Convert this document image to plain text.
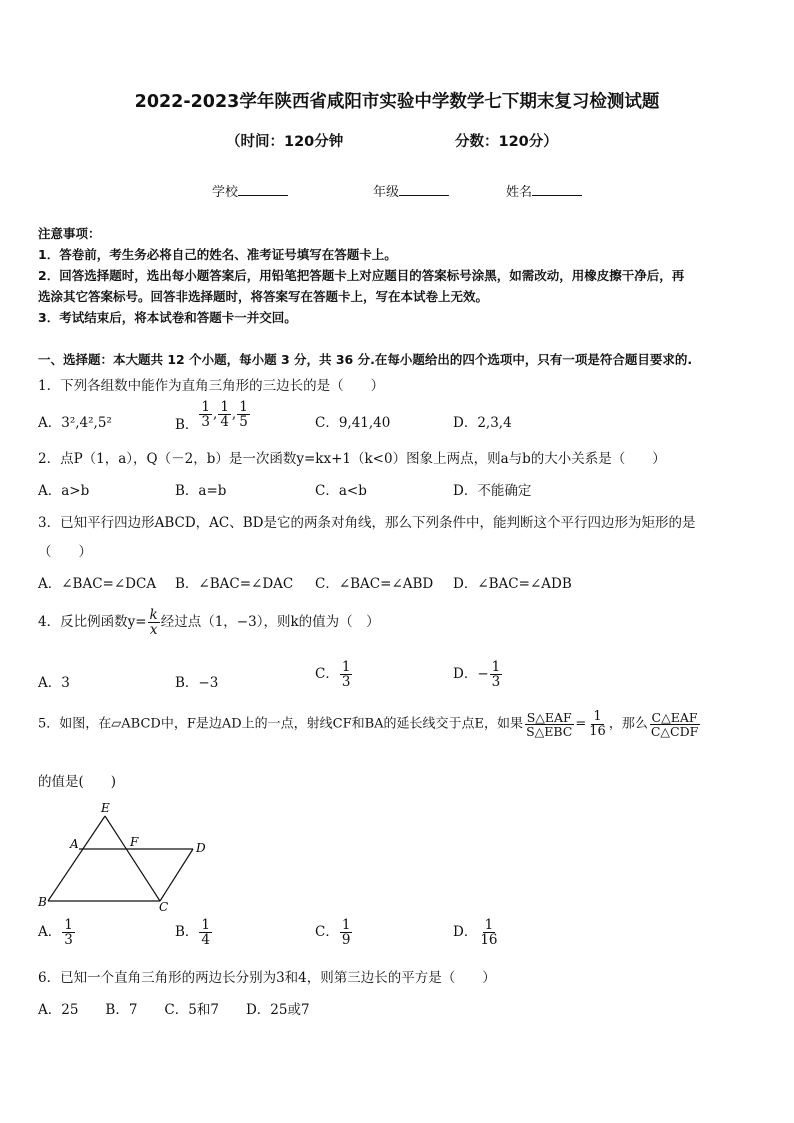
2022-2023学年陕西省咸阳市实验中学数学七下期末复习检测试题
（时间：120分钟	分数：120分）
学校	年级	姓名
注意事项：
1．答卷前，考生务必将自己的姓名、准考证号填写在答题卡上。
2．回答选择题时，选出每小题答案后，用铅笔把答题卡上对应题目的答案标号涂黑，如需改动，用橡皮擦干净后，再
选涂其它答案标号。回答非选择题时，将答案写在答题卡上，写在本试卷上无效。
3．考试结束后，将本试卷和答题卡一并交回。
一、选择题：本大题共 12 个小题，每小题 3 分，共 36 分.在每小题给出的四个选项中，只有一项是符合题目要求的.
1．下列各组数中能作为直角三角形的三边长的是（　　）
A．3²,4²,5²	B． $\frac{1}{3}$ , $\frac{1}{4}$ , $\frac{1}{5}$	C．9,41,40	D．2,3,4
2．点P（1，a），Q（－2，b）是一次函数y=kx+1（k<0）图象上两点，则a与b的大小关系是（　　）
A．a>b	B．a=b	C．a<b	D．不能确定
3．已知平行四边形ABCD，AC、BD是它的两条对角线，那么下列条件中，能判断这个平行四边形为矩形的是
（　　）
A．∠BAC=∠DCA B．∠BAC=∠DAC C．∠BAC=∠ABD D．∠BAC=∠ADB
4．反比例函数$y= \frac{k}{x}$ 经过点（1，−3），则k的值为（　）
A．3	B．−3
C． $\frac{1}{3}$	D．− $\frac{1}{3}$
5．如图，在▱ABCD中，F是边AD上的一点，射线CF和BA的延长线交于点E，如果 $\frac{\text{S△EAF}}{\text{S△EBC}} = \frac{1}{16}$ ，那么 $\frac{\text{C△EAF}}{\text{C△CDF}}$
的值是(　　)
E
A	F	D
B	C
A． $\frac{1}{3}$	B． $\frac{1}{4}$	C． $\frac{1}{9}$	D． $\frac{1}{16}$
6．已知一个直角三角形的两边长分别为3和4，则第三边长的平方是（　　）
A．25　　B．7　　C．5和7　　D．25或7
